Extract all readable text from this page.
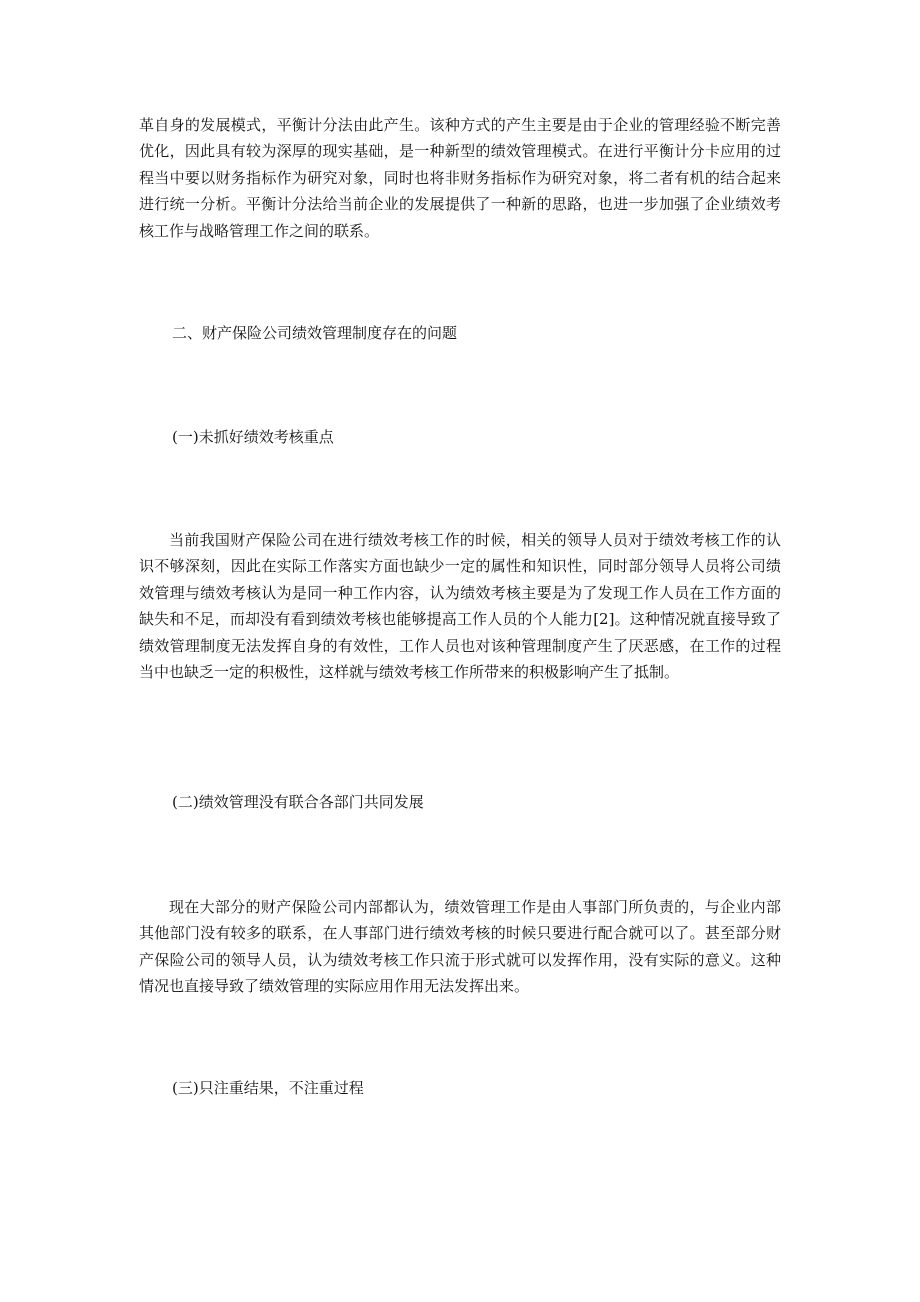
革自身的发展模式，平衡计分法由此产生。该种方式的产生主要是由于企业的管理经验不断完善优化，因此具有较为深厚的现实基础，是一种新型的绩效管理模式。在进行平衡计分卡应用的过程当中要以财务指标作为研究对象，同时也将非财务指标作为研究对象，将二者有机的结合起来进行统一分析。平衡计分法给当前企业的发展提供了一种新的思路，也进一步加强了企业绩效考核工作与战略管理工作之间的联系。

二、财产保险公司绩效管理制度存在的问题
(一)未抓好绩效考核重点

当前我国财产保险公司在进行绩效考核工作的时候，相关的领导人员对于绩效考核工作的认识不够深刻，因此在实际工作落实方面也缺少一定的属性和知识性，同时部分领导人员将公司绩效管理与绩效考核认为是同一种工作内容，认为绩效考核主要是为了发现工作人员在工作方面的缺失和不足，而却没有看到绩效考核也能够提高工作人员的个人能力[2]。这种情况就直接导致了绩效管理制度无法发挥自身的有效性，工作人员也对该种管理制度产生了厌恶感，在工作的过程当中也缺乏一定的积极性，这样就与绩效考核工作所带来的积极影响产生了抵制。

(二)绩效管理没有联合各部门共同发展

现在大部分的财产保险公司内部都认为，绩效管理工作是由人事部门所负责的，与企业内部其他部门没有较多的联系，在人事部门进行绩效考核的时候只要进行配合就可以了。甚至部分财产保险公司的领导人员，认为绩效考核工作只流于形式就可以发挥作用，没有实际的意义。这种情况也直接导致了绩效管理的实际应用作用无法发挥出来。

(三)只注重结果，不注重过程
